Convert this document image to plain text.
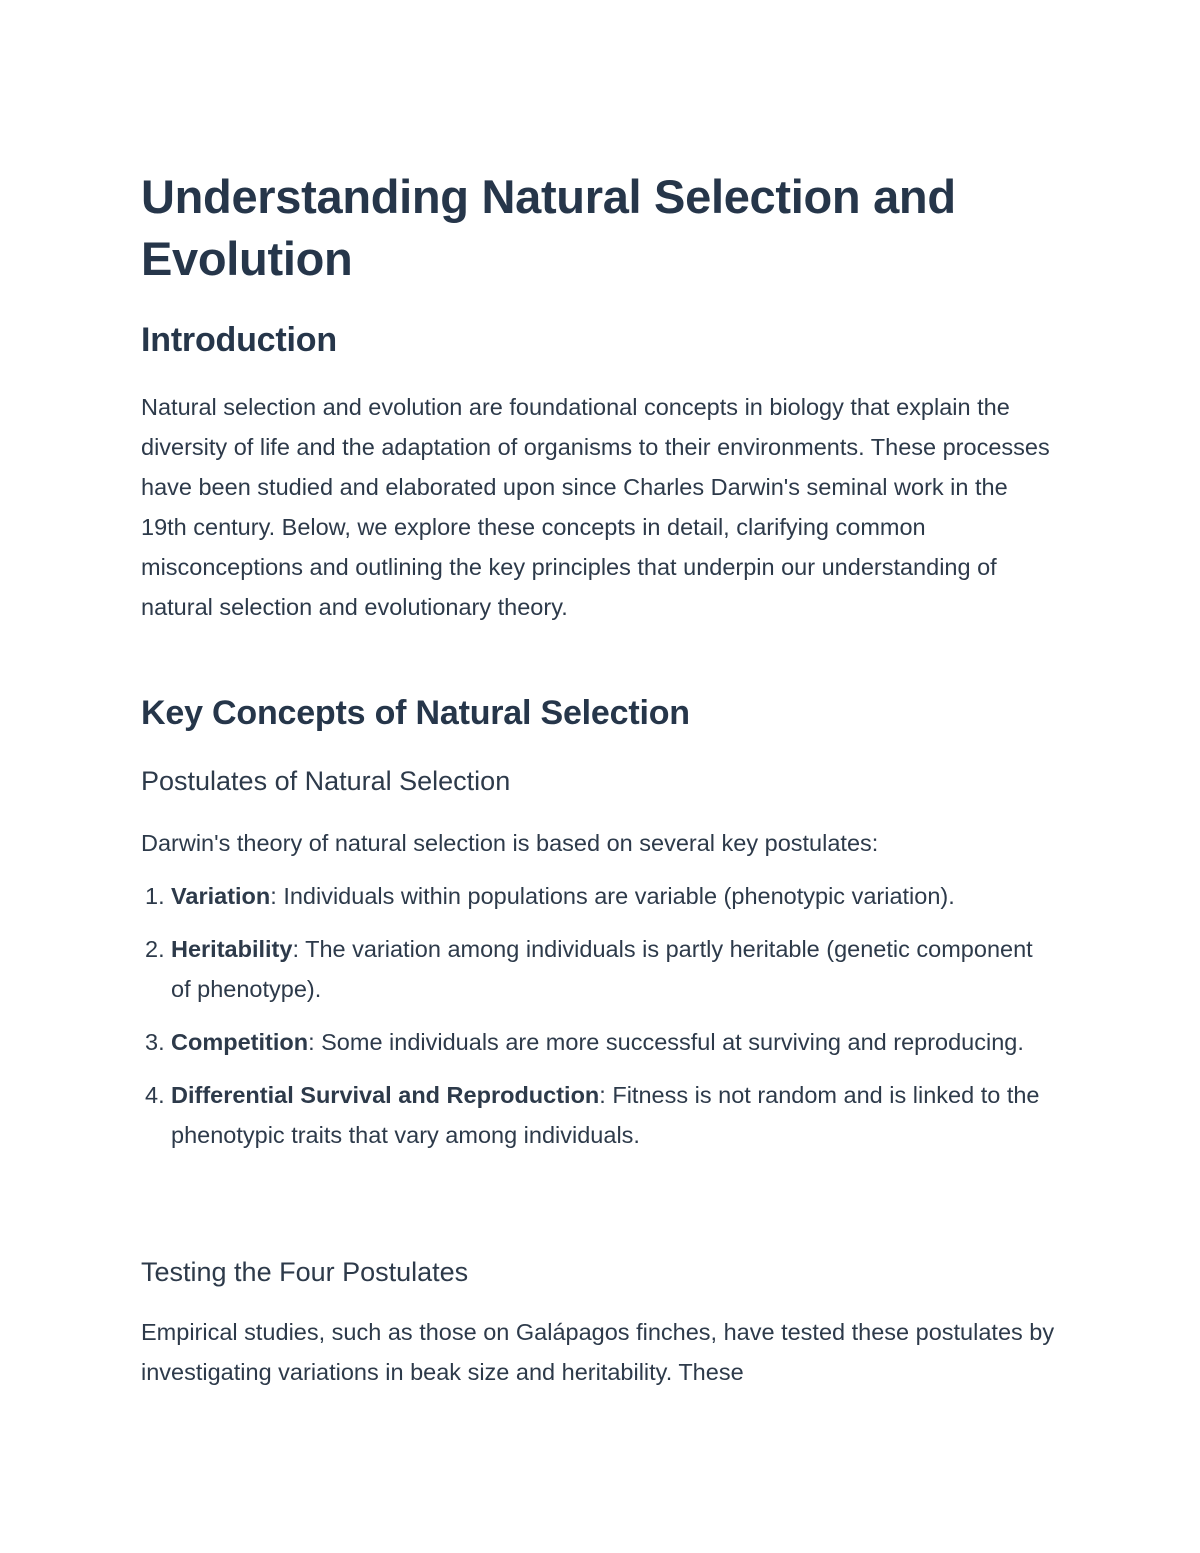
Understanding Natural Selection and Evolution
Introduction

Natural selection and evolution are foundational concepts in biology that explain the diversity of life and the adaptation of organisms to their environments. These processes have been studied and elaborated upon since Charles Darwin's seminal work in the 19th century. Below, we explore these concepts in detail, clarifying common misconceptions and outlining the key principles that underpin our understanding of natural selection and evolutionary theory.

Key Concepts of Natural Selection
Postulates of Natural Selection

Darwin's theory of natural selection is based on several key postulates:

1. Variation: Individuals within populations are variable (phenotypic variation).
2. Heritability: The variation among individuals is partly heritable (genetic component of phenotype).
3. Competition: Some individuals are more successful at surviving and reproducing.
4. Differential Survival and Reproduction: Fitness is not random and is linked to the phenotypic traits that vary among individuals.
Testing the Four Postulates

Empirical studies, such as those on Galápagos finches, have tested these postulates by investigating variations in beak size and heritability. These
